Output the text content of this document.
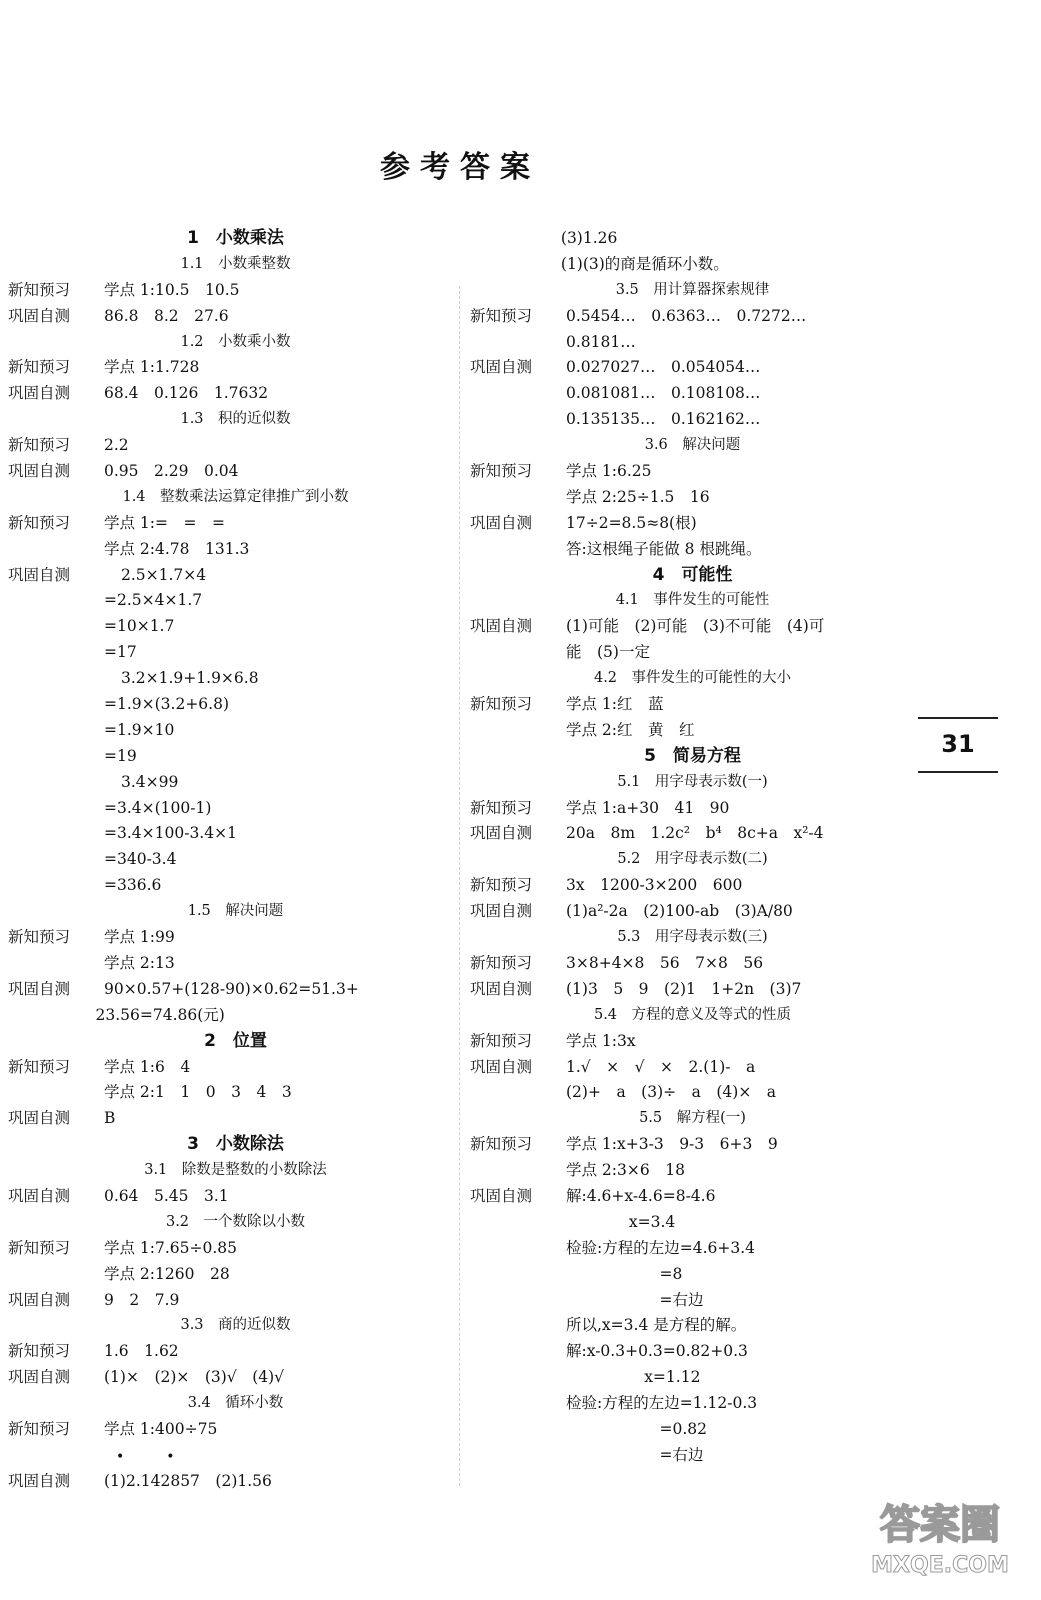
参考答案
1　小数乘法
1.1　小数乘整数
新知预习	学点 1:10.5　10.5
巩固自测	86.8　8.2　27.6
1.2　小数乘小数
新知预习	学点 1:1.728
巩固自测	68.4　0.126　1.7632
1.3　积的近似数
新知预习	2.2
巩固自测	0.95　2.29　0.04
1.4　整数乘法运算定律推广到小数
新知预习	学点 1:=　=　=
学点 2:4.78　131.3
巩固自测	2.5×1.7×4
=2.5×4×1.7
=10×1.7
=17
3.2×1.9+1.9×6.8
=1.9×(3.2+6.8)
=1.9×10
=19
3.4×99
=3.4×(100-1)
=3.4×100-3.4×1
=340-3.4
=336.6
1.5　解决问题
新知预习	学点 1:99
学点 2:13
巩固自测	90×0.57+(128-90)×0.62=51.3+
23.56=74.86(元)
2　位置
新知预习	学点 1:6　4
学点 2:1　1　0　3　4　3
巩固自测	B
3　小数除法
3.1　除数是整数的小数除法
巩固自测	0.64　5.45　3.1
3.2　一个数除以小数
新知预习	学点 1:7.65÷0.85
学点 2:1260　28
巩固自测	9　2　7.9
3.3　商的近似数
新知预习	1.6　1.62
巩固自测	(1)×　(2)×　(3)√　(4)√
3.4　循环小数
新知预习	学点 1:400÷75
••
巩固自测	(1)2.142857　(2)1.56
(3)1.26
(1)(3)的商是循环小数。
3.5　用计算器探索规律
新知预习	0.5454…　0.6363…　0.7272…
0.8181…
巩固自测	0.027027…　0.054054…
0.081081…　0.108108…
0.135135…　0.162162…
3.6　解决问题
新知预习	学点 1:6.25
学点 2:25÷1.5　16
巩固自测	17÷2=8.5≈8(根)
答:这根绳子能做 8 根跳绳。
4　可能性
4.1　事件发生的可能性
巩固自测	(1)可能　(2)可能　(3)不可能　(4)可
能　(5)一定
4.2　事件发生的可能性的大小
新知预习	学点 1:红　蓝
学点 2:红　黄　红
5　简易方程
5.1　用字母表示数(一)
新知预习	学点 1:a+30　41　90
巩固自测	20a　8m　1.2c²　b⁴　8c+a　x²-4
5.2　用字母表示数(二)
新知预习	3x　1200-3×200　600
巩固自测	(1)a²-2a　(2)100-ab　(3)A/80
5.3　用字母表示数(三)
新知预习	3×8+4×8　56　7×8　56
巩固自测	(1)3　5　9　(2)1　1+2n　(3)7
5.4　方程的意义及等式的性质
新知预习	学点 1:3x
巩固自测	1.√　×　√　×　2.(1)-　a
(2)+　a　(3)÷　a　(4)×　a
5.5　解方程(一)
新知预习	学点 1:x+3-3　9-3　6+3　9
学点 2:3×6　18
巩固自测	解:4.6+x-4.6=8-4.6
x=3.4
检验:方程的左边=4.6+3.4
=8
=右边
所以,x=3.4 是方程的解。
解:x-0.3+0.3=0.82+0.3
x=1.12
检验:方程的左边=1.12-0.3
=0.82
=右边
31
答案圈
MXQE.COM
